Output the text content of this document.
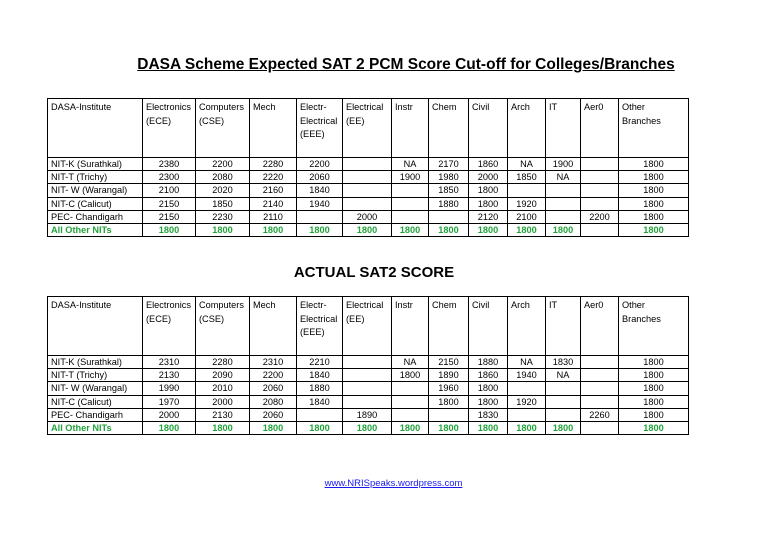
DASA Scheme Expected SAT 2 PCM Score Cut-off for Colleges/Branches
DASA-Institute	Electronics (ECE)	Computers (CSE)	Mech	Electr-Electrical (EEE)	Electrical (EE)	Instr	Chem	Civil	Arch	IT	Aer0	Other Branches
NIT-K (Surathkal)	2380	2200	2280	2200		NA	2170	1860	NA	1900		1800
NIT-T (Trichy)	2300	2080	2220	2060		1900	1980	2000	1850	NA		1800
NIT- W (Warangal)	2100	2020	2160	1840			1850	1800				1800
NIT-C (Calicut)	2150	1850	2140	1940			1880	1800	1920			1800
PEC- Chandigarh	2150	2230	2110		2000			2120	2100		2200	1800
All Other NITs	1800	1800	1800	1800	1800	1800	1800	1800	1800	1800		1800
ACTUAL SAT2 SCORE
DASA-Institute	Electronics (ECE)	Computers (CSE)	Mech	Electr-Electrical (EEE)	Electrical (EE)	Instr	Chem	Civil	Arch	IT	Aer0	Other Branches
NIT-K (Surathkal)	2310	2280	2310	2210		NA	2150	1880	NA	1830		1800
NIT-T (Trichy)	2130	2090	2200	1840		1800	1890	1860	1940	NA		1800
NIT- W (Warangal)	1990	2010	2060	1880			1960	1800				1800
NIT-C (Calicut)	1970	2000	2080	1840			1800	1800	1920			1800
PEC- Chandigarh	2000	2130	2060		1890			1830			2260	1800
All Other NITs	1800	1800	1800	1800	1800	1800	1800	1800	1800	1800		1800
www.NRISpeaks.wordpress.com
